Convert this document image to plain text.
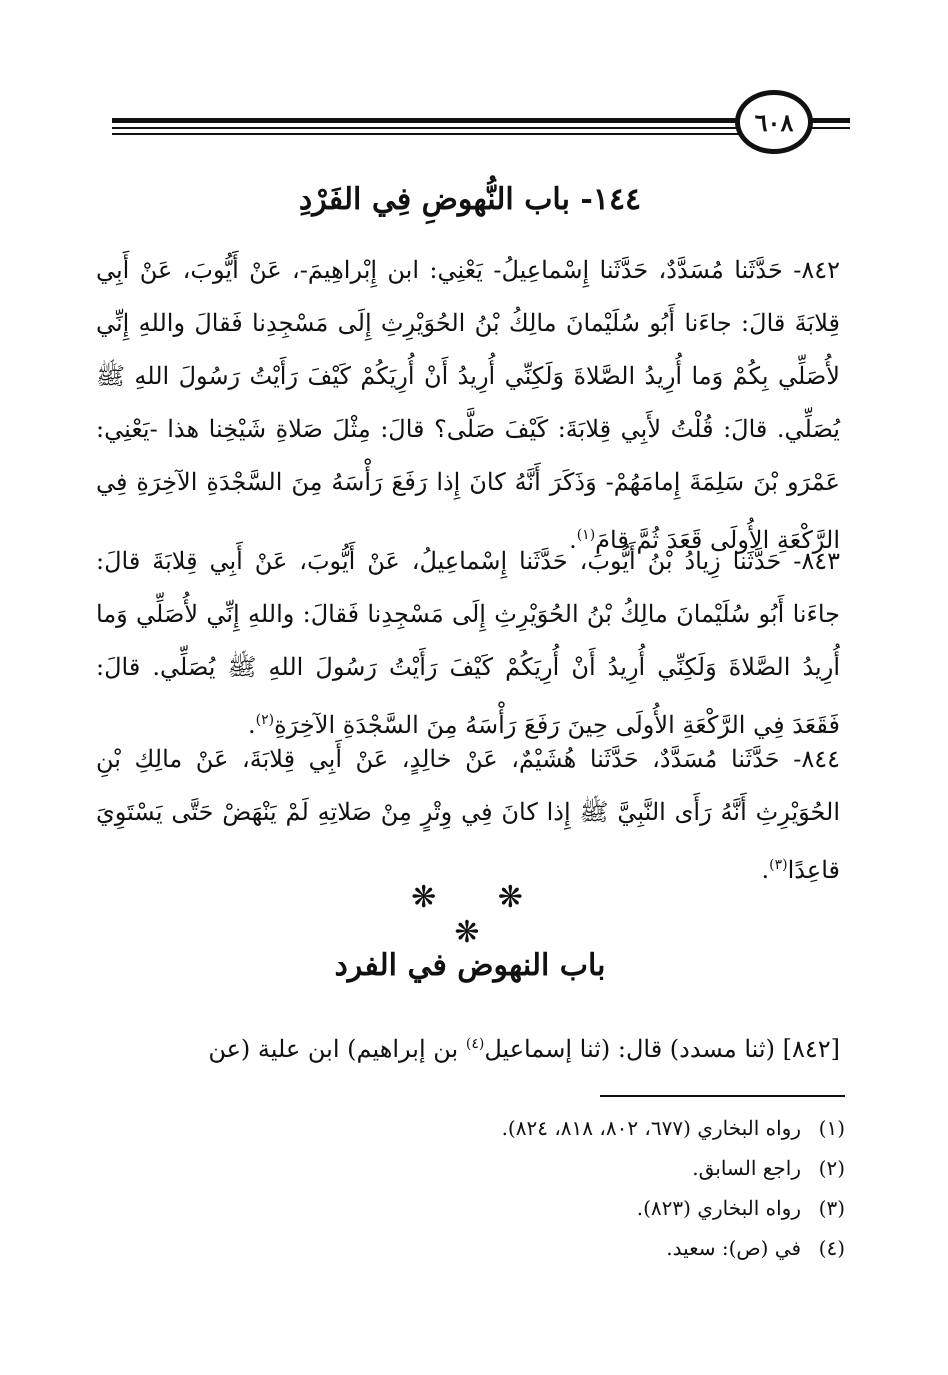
٦٠٨
١٤٤- باب النُّهوضِ فِي الفَرْدِ
٨٤٢- حَدَّثَنا مُسَدَّدٌ، حَدَّثَنا إِسْماعِيلُ- يَعْنِي: ابن إِبْراهِيمَ-، عَنْ أَيُّوبَ، عَنْ أَبِي قِلابَةَ قالَ: جاءَنا أَبُو سُلَيْمانَ مالِكُ بْنُ الحُوَيْرِثِ إِلَى مَسْجِدِنا فَقالَ واللهِ إِنِّي لأُصَلِّي بِكُمْ وَما أُرِيدُ الصَّلاةَ وَلَكِنِّي أُرِيدُ أَنْ أُرِيَكُمْ كَيْفَ رَأَيْتُ رَسُولَ اللهِ ﷺ يُصَلِّي. قالَ: قُلْتُ لأَبِي قِلابَةَ: كَيْفَ صَلَّى؟ قالَ: مِثْلَ صَلاةِ شَيْخِنا هذا -يَعْنِي: عَمْرَو بْنَ سَلِمَةَ إِمامَهُمْ- وَذَكَرَ أَنَّهُ كانَ إِذا رَفَعَ رَأْسَهُ مِنَ السَّجْدَةِ الآخِرَةِ فِي الرَّكْعَةِ الأُولَى قَعَدَ ثُمَّ قامَ$^{(١)}$.
٨٤٣- حَدَّثَنا زِيادُ بْنُ أَيُّوبَ، حَدَّثَنا إِسْماعِيلُ، عَنْ أَيُّوبَ، عَنْ أَبِي قِلابَةَ قالَ: جاءَنا أَبُو سُلَيْمانَ مالِكُ بْنُ الحُوَيْرِثِ إِلَى مَسْجِدِنا فَقالَ: واللهِ إِنِّي لأُصَلِّي وَما أُرِيدُ الصَّلاةَ وَلَكِنِّي أُرِيدُ أَنْ أُرِيَكُمْ كَيْفَ رَأَيْتُ رَسُولَ اللهِ ﷺ يُصَلِّي. قالَ: فَقَعَدَ فِي الرَّكْعَةِ الأُولَى حِينَ رَفَعَ رَأْسَهُ مِنَ السَّجْدَةِ الآخِرَةِ$^{(٢)}$.
٨٤٤- حَدَّثَنا مُسَدَّدٌ، حَدَّثَنا هُشَيْمٌ، عَنْ خالِدٍ، عَنْ أَبِي قِلابَةَ، عَنْ مالِكِ بْنِ الحُوَيْرِثِ أَنَّهُ رَأَى النَّبِيَّ ﷺ إِذا كانَ فِي وِتْرٍ مِنْ صَلاتِهِ لَمْ يَنْهَضْ حَتَّى يَسْتَوِيَ قاعِدًا$^{(٣)}$.
❋ ❋ ❋
باب النهوض في الفرد
[٨٤٢] (ثنا مسدد) قال: (ثنا إسماعيل$^{(٤)}$ بن إبراهيم) ابن علية (عن
(١)
رواه البخاري (٦٧٧، ٨٠٢، ٨١٨، ٨٢٤).
(٢)
راجع السابق.
(٣)
رواه البخاري (٨٢٣).
(٤)
في (ص): سعيد.
